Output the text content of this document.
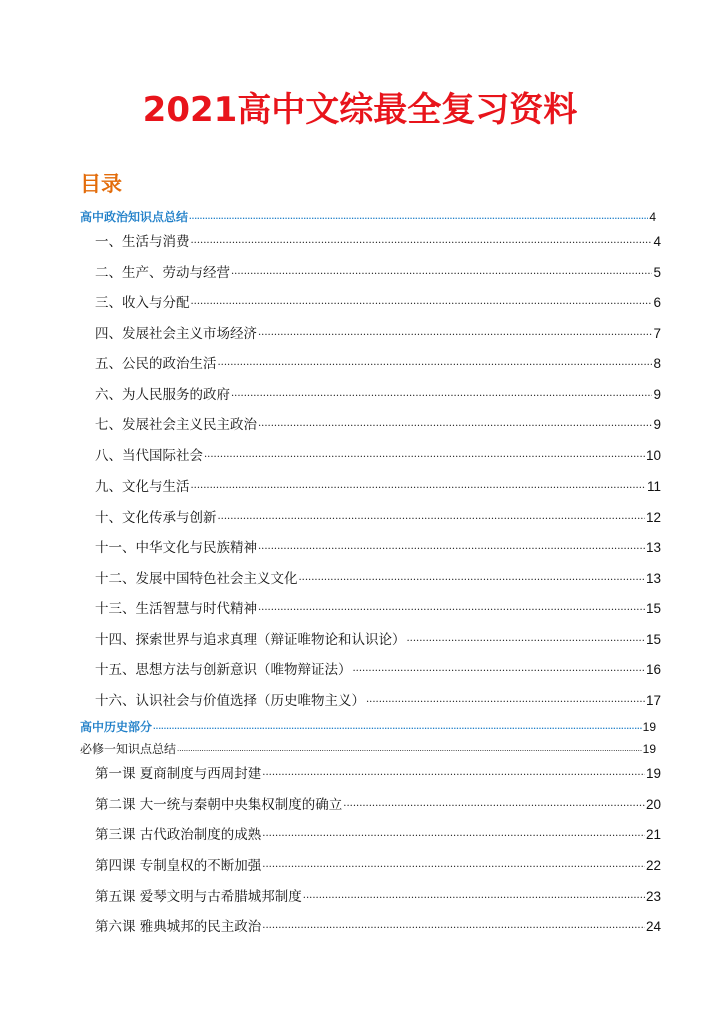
2021高中文综最全复习资料
目录
高中政治知识点总结 .....	4
一、生活与消费 .....	4
二、生产、劳动与经营 .....	5
三、收入与分配 .....	6
四、发展社会主义市场经济 .....	7
五、公民的政治生活 .....	8
六、为人民服务的政府 .....	9
七、发展社会主义民主政治 .....	9
八、当代国际社会 .....	10
九、文化与生活 .....	11
十、文化传承与创新 .....	12
十一、中华文化与民族精神 .....	13
十二、发展中国特色社会主义文化 .....	13
十三、生活智慧与时代精神 .....	15
十四、探索世界与追求真理（辩证唯物论和认识论） .....	15
十五、思想方法与创新意识（唯物辩证法） .....	16
十六、认识社会与价值选择（历史唯物主义） .....	17
高中历史部分 .....	19
必修一知识点总结 .....	19
第一课 夏商制度与西周封建 .....	19
第二课 大一统与秦朝中央集权制度的确立 .....	20
第三课 古代政治制度的成熟 .....	21
第四课 专制皇权的不断加强 .....	22
第五课 爱琴文明与古希腊城邦制度 .....	23
第六课 雅典城邦的民主政治 .....	24
